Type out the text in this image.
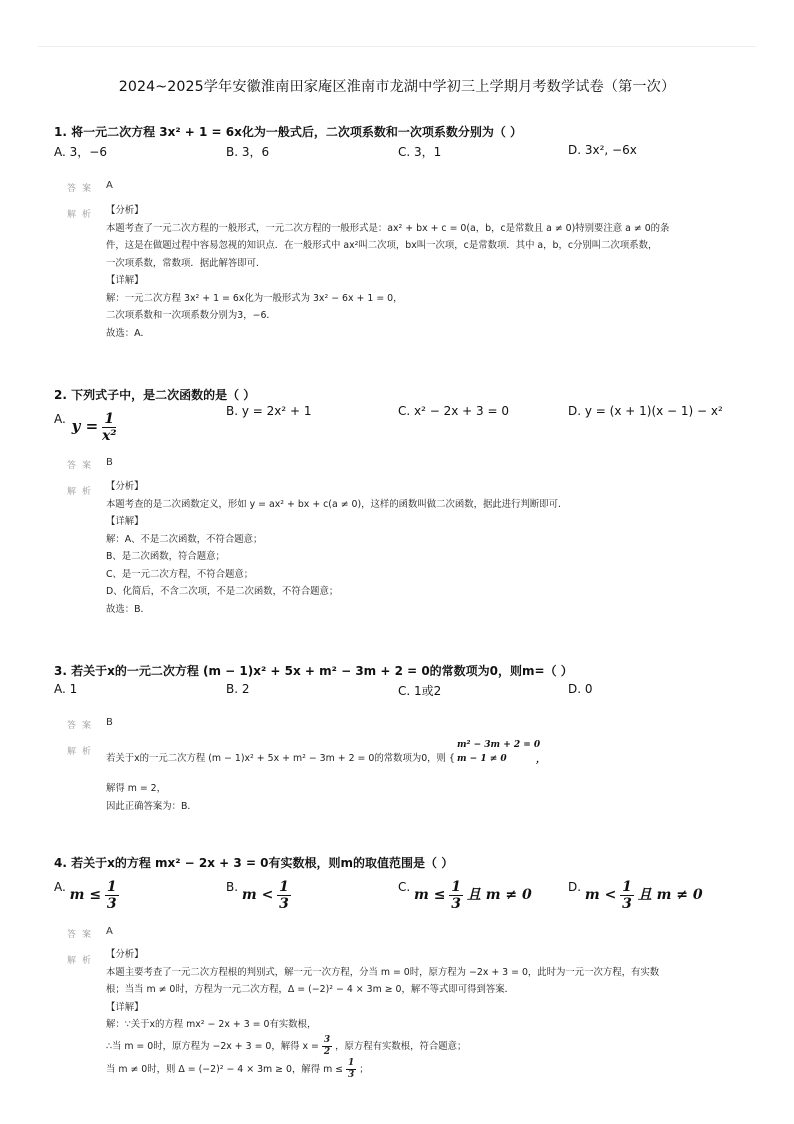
2024~2025学年安徽淮南田家庵区淮南市龙湖中学初三上学期月考数学试卷（第一次）
1. 将一元二次方程 3x² + 1 = 6x化为一般式后，二次项系数和一次项系数分别为（ ）
A. 3，−6	B. 3，6	C. 3，1	D. 3x², −6x
答案 A
解析 【分析】
本题考查了一元二次方程的一般形式，一元二次方程的一般形式是：ax² + bx + c = 0(a，b，c是常数且 a ≠ 0)特别要注意 a ≠ 0的条
件，这是在做题过程中容易忽视的知识点．在一般形式中 ax²叫二次项，bx叫一次项，c是常数项．其中 a，b，c分别叫二次项系数，
一次项系数，常数项．据此解答即可．
【详解】
解：一元二次方程 3x² + 1 = 6x化为一般形式为 3x² − 6x + 1 = 0，
二次项系数和一次项系数分别为3，−6．
故选：A．
2. 下列式子中，是二次函数的是（ ）
A. $y = \frac{1}{\text{x²}}$
B. y = 2x² + 1	C. x² − 2x + 3 = 0	D. y = (x + 1)(x − 1) − x²
答案 B
解析 【分析】
本题考查的是二次函数定义，形如 y = ax² + bx + c(a ≠ 0)，这样的函数叫做二次函数，据此进行判断即可．
【详解】
解：A、不是二次函数，不符合题意；
B、是二次函数，符合题意；
C、是一元二次方程，不符合题意；
D、化简后，不含二次项，不是二次函数，不符合题意；
故选：B．
3. 若关于x的一元二次方程 (m − 1)x² + 5x + m² − 3m + 2 = 0的常数项为0，则m=（ ）
A. 1	B. 2	C. 1或2	D. 0
答案 B
解析
若关于x的一元二次方程 (m − 1)x² + 5x + m² − 3m + 2 = 0的常数项为0，则 {
m² − 3m + 2 = 0
m − 1 ≠ 0	，
解得 m = 2，
因此正确答案为：B．
4. 若关于x的方程 mx² − 2x + 3 = 0有实数根，则m的取值范围是（ ）
A. $m \le \frac{1}{3}$	B. $m < \frac{1}{3}$	C. $m \le \frac{1}{3}$ 且 m ≠ 0	D. $m < \frac{1}{3}$ 且 m ≠ 0
答案 A
解析
【分析】
本题主要考查了一元二次方程根的判别式，解一元一次方程，分当 m = 0时，原方程为 −2x + 3 = 0，此时为一元一次方程，有实数
根；当当 m ≠ 0时，方程为一元二次方程，Δ = (−2)² − 4 × 3m ≥ 0，解不等式即可得到答案．
【详解】
解：∵关于x的方程 mx² − 2x + 3 = 0有实数根，
∴当 m = 0时，原方程为 −2x + 3 = 0，解得 $x = \frac{3}{2}$ ，原方程有实数根，符合题意；
当 m ≠ 0时，则 Δ = (−2)² − 4 × 3m ≥ 0，解得 $m \le \frac{1}{3}$ ；
